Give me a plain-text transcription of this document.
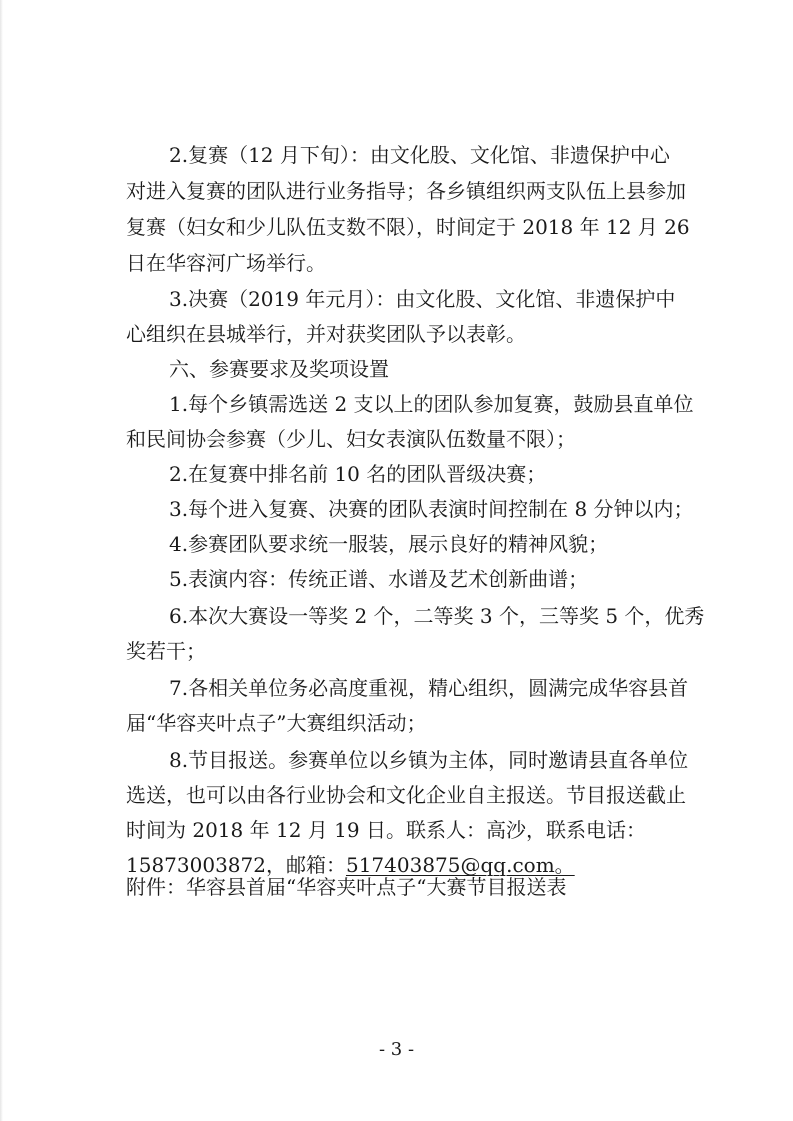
2.复赛（12 月下旬）：由文化股、文化馆、非遗保护中心
对进入复赛的团队进行业务指导；各乡镇组织两支队伍上县参加
复赛（妇女和少儿队伍支数不限），时间定于 2018 年 12 月 26
日在华容河广场举行。
3.决赛（2019 年元月）：由文化股、文化馆、非遗保护中
心组织在县城举行，并对获奖团队予以表彰。
六、参赛要求及奖项设置
1.每个乡镇需选送 2 支以上的团队参加复赛，鼓励县直单位
和民间协会参赛（少儿、妇女表演队伍数量不限）；
2.在复赛中排名前 10 名的团队晋级决赛；
3.每个进入复赛、决赛的团队表演时间控制在 8 分钟以内；
4.参赛团队要求统一服装，展示良好的精神风貌；
5.表演内容：传统正谱、水谱及艺术创新曲谱；
6.本次大赛设一等奖 2 个，二等奖 3 个，三等奖 5 个，优秀
奖若干；
7.各相关单位务必高度重视，精心组织，圆满完成华容县首
届“华容夹叶点子”大赛组织活动；
8.节目报送。参赛单位以乡镇为主体，同时邀请县直各单位
选送，也可以由各行业协会和文化企业自主报送。节目报送截止
时间为 2018 年 12 月 19 日。联系人：高沙，联系电话：
15873003872，邮箱：517403875@qq.com。
附件：华容县首届“华容夹叶点子“大赛节目报送表
- 3 -
